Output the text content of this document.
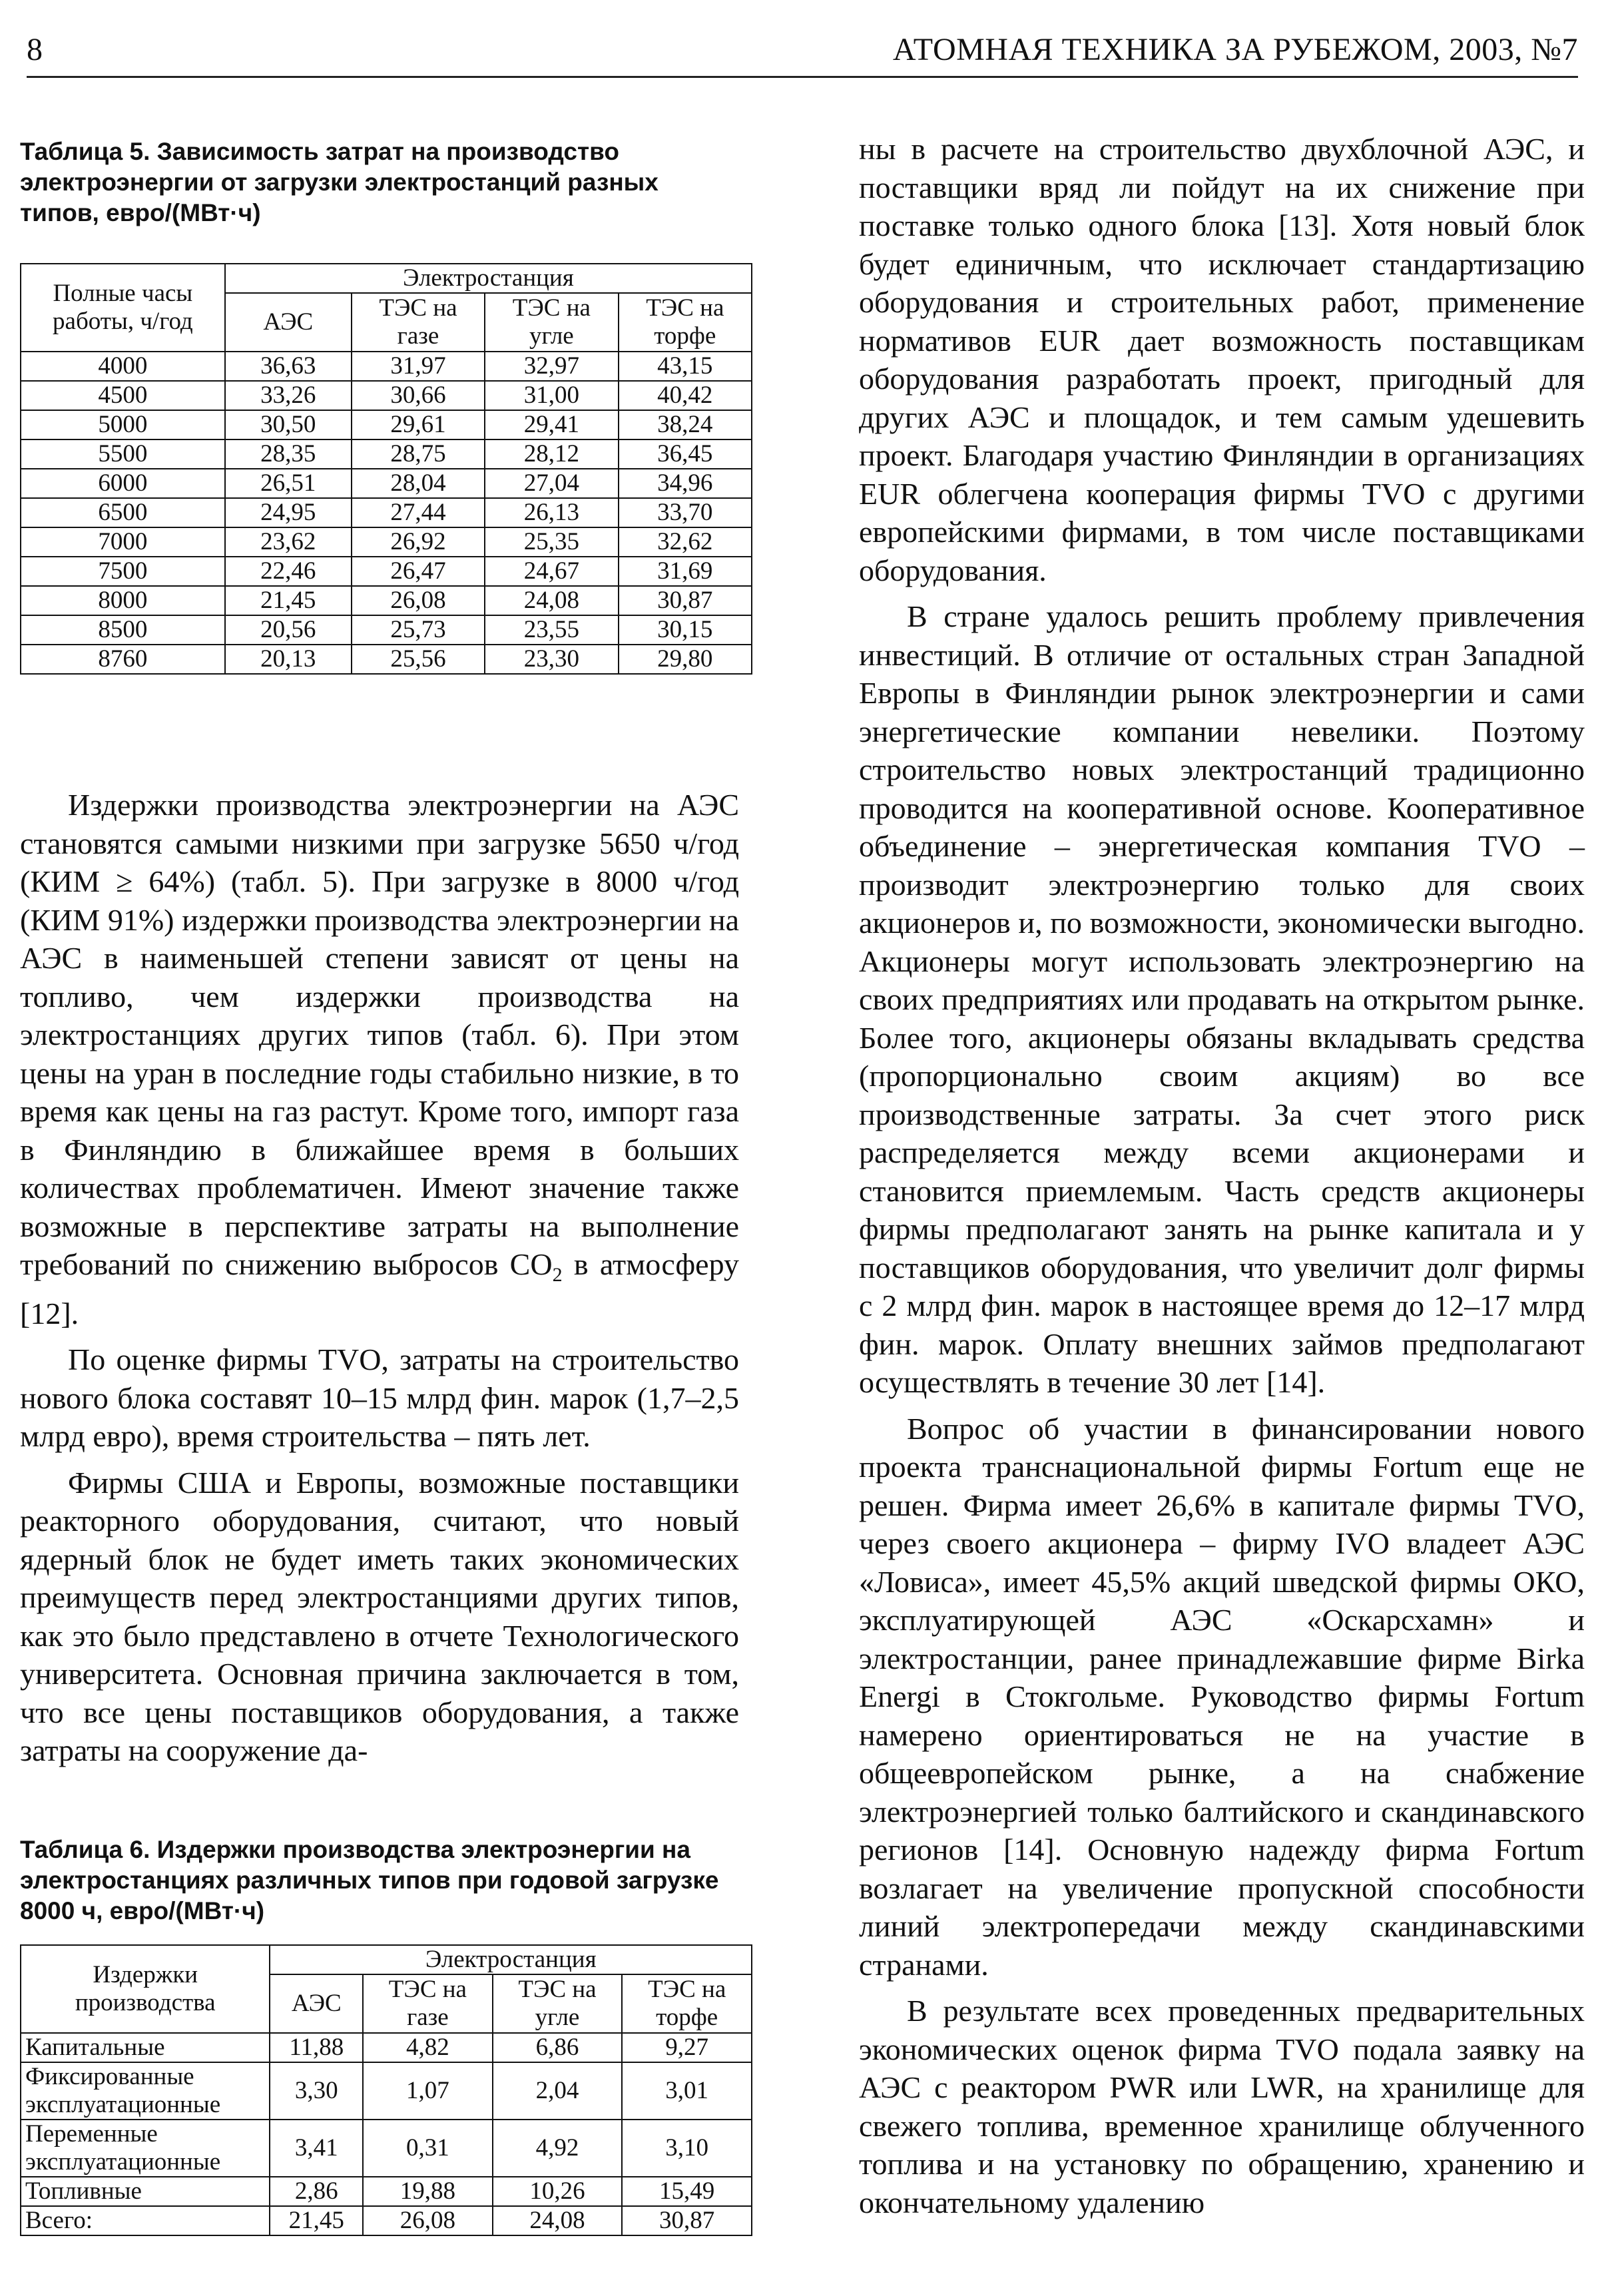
8	АТОМНАЯ ТЕХНИКА ЗА РУБЕЖОМ, 2003, №7

Таблица 5. Зависимость затрат на производство электроэнергии от загрузки электростанций разных типов, евро/(МВт·ч)

Полные часы работы, ч/год	Электростанция			
	АЭС	ТЭС на газе	ТЭС на угле	ТЭС на торфе
4000	36,63	31,97	32,97	43,15
4500	33,26	30,66	31,00	40,42
5000	30,50	29,61	29,41	38,24
5500	28,35	28,75	28,12	36,45
6000	26,51	28,04	27,04	34,96
6500	24,95	27,44	26,13	33,70
7000	23,62	26,92	25,35	32,62
7500	22,46	26,47	24,67	31,69
8000	21,45	26,08	24,08	30,87
8500	20,56	25,73	23,55	30,15
8760	20,13	25,56	23,30	29,80

Издержки производства электроэнергии на АЭС становятся самыми низкими при загрузке 5650 ч/год (КИМ ≥ 64%) (табл. 5). При загрузке в 8000 ч/год (КИМ 91%) издержки производства электроэнергии на АЭС в наименьшей степени зависят от цены на топливо, чем издержки производства на электростанциях других типов (табл. 6). При этом цены на уран в последние годы стабильно низкие, в то время как цены на газ растут. Кроме того, импорт газа в Финляндию в ближайшее время в больших количествах проблематичен. Имеют значение также возможные в перспективе затраты на выполнение требований по снижению выбросов $CO_2$ в атмосферу [12].

По оценке фирмы TVO, затраты на строительство нового блока составят 10–15 млрд фин. марок (1,7–2,5 млрд евро), время строительства – пять лет.

Фирмы США и Европы, возможные поставщики реакторного оборудования, считают, что новый ядерный блок не будет иметь таких экономических преимуществ перед электростанциями других типов, как это было представлено в отчете Технологического университета. Основная причина заключается в том, что все цены поставщиков оборудования, а также затраты на сооружение да-

Таблица 6. Издержки производства электроэнергии на электростанциях различных типов при годовой загрузке 8000 ч, евро/(МВт·ч)

Издержки производства	Электростанция			
	АЭС	ТЭС на газе	ТЭС на угле	ТЭС на торфе
Капитальные	11,88	4,82	6,86	9,27
Фиксированные эксплуатационные	3,30	1,07	2,04	3,01
Переменные эксплуатационные	3,41	0,31	4,92	3,10
Топливные	2,86	19,88	10,26	15,49
Всего:	21,45	26,08	24,08	30,87

ны в расчете на строительство двухблочной АЭС, и поставщики вряд ли пойдут на их снижение при поставке только одного блока [13]. Хотя новый блок будет единичным, что исключает стандартизацию оборудования и строительных работ, применение нормативов EUR дает возможность поставщикам оборудования разработать проект, пригодный для других АЭС и площадок, и тем самым удешевить проект. Благодаря участию Финляндии в организациях EUR облегчена кооперация фирмы TVO с другими европейскими фирмами, в том числе поставщиками оборудования.

В стране удалось решить проблему привлечения инвестиций. В отличие от остальных стран Западной Европы в Финляндии рынок электроэнергии и сами энергетические компании невелики. Поэтому строительство новых электростанций традиционно проводится на кооперативной основе. Кооперативное объединение – энергетическая компания TVO – производит электроэнергию только для своих акционеров и, по возможности, экономически выгодно. Акционеры могут использовать электроэнергию на своих предприятиях или продавать на открытом рынке. Более того, акционеры обязаны вкладывать средства (пропорционально своим акциям) во все производственные затраты. За счет этого риск распределяется между всеми акционерами и становится приемлемым. Часть средств акционеры фирмы предполагают занять на рынке капитала и у поставщиков оборудования, что увеличит долг фирмы с 2 млрд фин. марок в настоящее время до 12–17 млрд фин. марок. Оплату внешних займов предполагают осуществлять в течение 30 лет [14].

Вопрос об участии в финансировании нового проекта транснациональной фирмы Fortum еще не решен. Фирма имеет 26,6% в капитале фирмы TVO, через своего акционера – фирму IVO владеет АЭС «Ловиса», имеет 45,5% акций шведской фирмы ОКО, эксплуатирующей АЭС «Оскарсхамн» и электростанции, ранее принадлежавшие фирме Birka Energi в Стокгольме. Руководство фирмы Fortum намерено ориентироваться не на участие в общеевропейском рынке, а на снабжение электроэнергией только балтийского и скандинавского регионов [14]. Основную надежду фирма Fortum возлагает на увеличение пропускной способности линий электропередачи между скандинавскими странами.

В результате всех проведенных предварительных экономических оценок фирма TVO подала заявку на АЭС с реактором PWR или LWR, на хранилище для свежего топлива, временное хранилище облученного топлива и на установку по обращению, хранению и окончательному удалению
